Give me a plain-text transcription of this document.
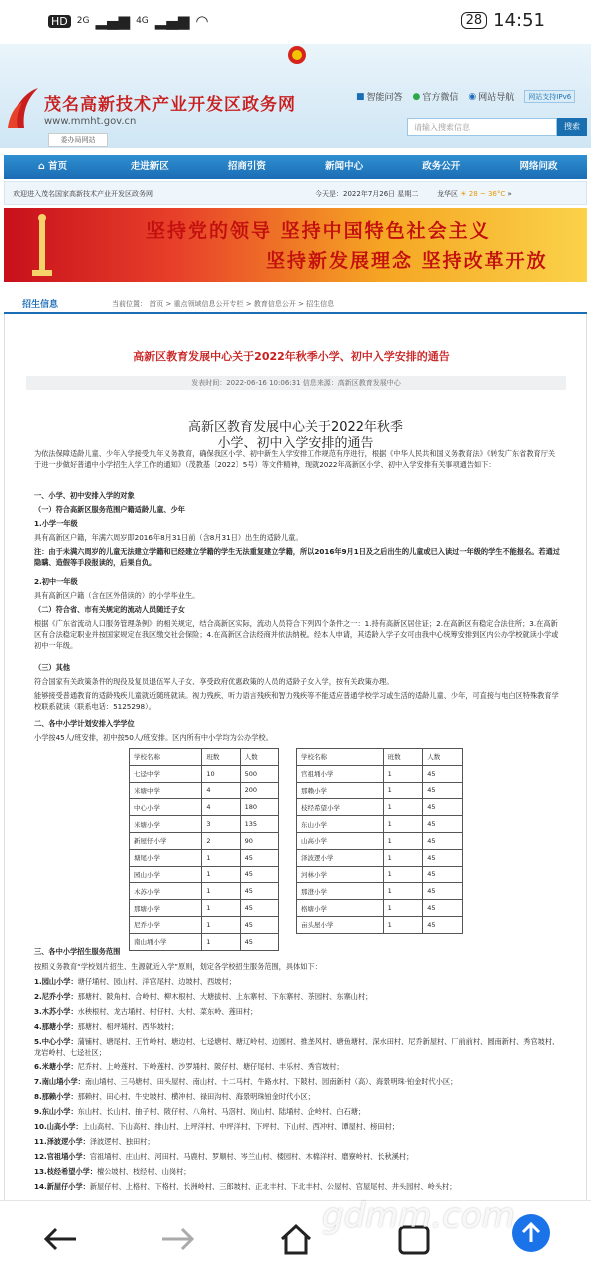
HD	2G ▂▄▆ 4G ▂▄▆ ◠	28 14:51
茂名高新技术产业开发区政务网
www.mmht.gov.cn
■ 智能问答 ● 官方微信 ◉ 网站导航	网站支持IPv6
请输入搜索信息	搜索
委办局网站
⌂ 首页	走进新区	招商引资	新闻中心	政务公开	网络问政
欢迎进入茂名国家高新技术产业开发区政务网	今天是：2022年7月26日 星期二	龙华区 ☀ 28 ~ 36°C »
坚持党的领导 坚持中国特色社会主义
坚持新发展理念 坚持改革开放
招生信息	当前位置： 首页 > 重点领域信息公开专栏 > 教育信息公开 > 招生信息
高新区教育发展中心关于2022年秋季小学、初中入学安排的通告
发表时间：2022-06-16 10:06:31 信息来源：高新区教育发展中心
高新区教育发展中心关于2022年秋季
小学、初中入学安排的通告
为依法保障适龄儿童、少年入学接受九年义务教育，确保我区小学、初中新生入学安排工作规范有序进行，根据《中华人民共和国义务教育法》《转发广东省教育厅关于进一步做好普通中小学招生入学工作的通知》（茂教基〔2022〕5号）等文件精神，现就2022年高新区小学、初中入学安排有关事项通告如下：
一、小学、初中安排入学的对象
（一）符合高新区服务范围户籍适龄儿童、少年
1.小学一年级
具有高新区户籍，年满六周岁即2016年8月31日前（含8月31日）出生的适龄儿童。
注：由于未满六周岁的儿童无法建立学籍和已经建立学籍的学生无法重复建立学籍，所以2016年9月1日及之后出生的儿童或已入读过一年级的学生不能报名。若通过隐瞒、造假等手段报读的，后果自负。
2.初中一年级
具有高新区户籍（含在区外借读的）的小学毕业生。
（二）符合省、市有关规定的流动人员随迁子女
根据《广东省流动人口服务管理条例》的相关规定，结合高新区实际，流动人员符合下列四个条件之一：1.持有高新区居住证；2.在高新区有稳定合法住所；3.在高新区有合法稳定职业并按国家规定在我区缴交社会保险；4.在高新区合法经商并依法纳税。经本人申请，其适龄入学子女可由我中心统筹安排到区内公办学校就读小学或初中一年级。
（三）其他
符合国家有关政策条件的现役及复员退伍军人子女、享受政府优惠政策的人员的适龄子女入学，按有关政策办理。
能够接受普通教育的适龄残疾儿童就近随班就读。视力残疾、听力语言残疾和智力残疾等不能适应普通学校学习或生活的适龄儿童、少年，可直接与电白区特殊教育学校联系就读（联系电话：5125298）。
二、各中小学计划安排入学学位
小学按45人/班安排，初中按50人/班安排。区内所有中小学均为公办学校。
学校名称	班数	人数
七迳中学	10	500
米塘中学	4	200
中心小学	4	180
米塘小学	3	135
新屋仔小学	2	90
塘尾小学	1	45
园山小学	1	45
木苏小学	1	45
那塘小学	1	45
尼乔小学	1	45
南山埇小学	1	45
学校名称	班数	人数
官祖埇小学	1	45
那赖小学	1	45
枝经希望小学	1	45
东山小学	1	45
山高小学	1	45
泽波逻小学	1	45
河林小学	1	45
那澄小学	1	45
格塘小学	1	45
亩头屋小学	1	45
三、各中小学招生服务范围
按照义务教育“学校划片招生、生源就近入学”原则，划定各学校招生服务范围，具体如下：
1.园山小学：塘仔埇村、园山村、洋官尾村、边坡村、西坡村；
2.尼乔小学：那塘村、陂角村、合岭村、柳木根村、大塘拔村、上东寨村、下东寨村、茶园村、东寨山村；
3.木苏小学：水秧根村、龙古埇村、村仔村、大村、菜东岭、莲田村；
4.那塘小学：那塘村、相坪埇村、西华坡村；
5.中心小学：蒲铺村、塘尾村、王竹岭村、塘边村、七迳塘村、塘辽岭村、边圆村、推垄风村、塘鱼塘村、深水田村、尼乔新屋村、厂前前村、圆南新村、秀官坡村、龙岩岭村、七迳社区；
6.米塘小学：尼乔村、上岭莲村、下岭莲村、沙罗埇村、陂仔村、塘仔尾村、丰乐村、秀官坡村；
7.南山埇小学：南山埇村、三马塘村、田头屋村、南山村、十二马村、牛路水村、下陂村、园南新村（高）、海景明珠·铂金时代小区；
8.那赖小学：那赖村、田心村、牛史坡村、横冲村、禄田沟村、海景明珠铂金时代小区；
9.东山小学：东山村、长山村、抽子村、陂仔村、八角村、马滘村、岗山村、陆埇村、企岭村、白石塘；
10.山高小学：上山高村、下山高村、排山村、上坪洋村、中坪洋村、下坪村、下山村、西冲村、谭屋村、榜田村；
11.泽波逻小学：泽波逻村、独田村；
12.官祖埇小学：官祖埇村、庄山村、河田村、马鹿村、罗顺村、岑兰山村、楼园村、木棉洋村、磨寮岭村、长秋溪村；
13.枝经希望小学：檀公坡村、枝经村、山岗村；
14.新屋仔小学：新屋仔村、上格村、下格村、长洲岭村、三郎坡村、正北丰村、下北丰村、公屋村、官屋尾村、井头园村、岭头村；
gdmm.com
